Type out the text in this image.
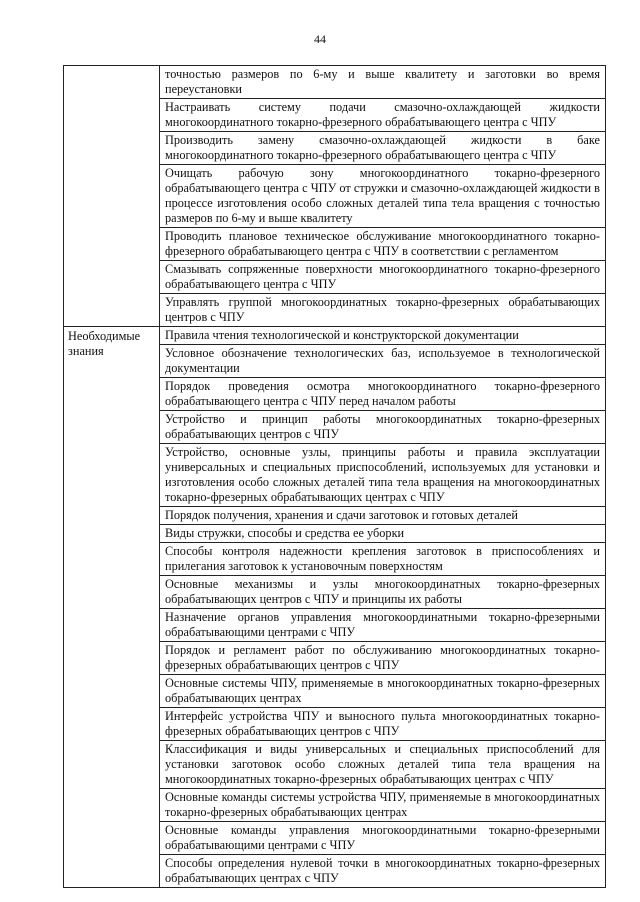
44
	точностью размеров по 6-му и выше квалитету и заготовки во время переустановки
	Настраивать систему подачи смазочно-охлаждающей жидкости многокоординатного токарно-фрезерного обрабатывающего центра с ЧПУ
	Производить замену смазочно-охлаждающей жидкости в баке многокоординатного токарно-фрезерного обрабатывающего центра с ЧПУ
	Очищать рабочую зону многокоординатного токарно-фрезерного обрабатывающего центра с ЧПУ от стружки и смазочно-охлаждающей жидкости в процессе изготовления особо сложных деталей типа тела вращения с точностью размеров по 6-му и выше квалитету
	Проводить плановое техническое обслуживание многокоординатного токарно-фрезерного обрабатывающего центра с ЧПУ в соответствии с регламентом
	Смазывать сопряженные поверхности многокоординатного токарно-фрезерного обрабатывающего центра с ЧПУ
	Управлять группой многокоординатных токарно-фрезерных обрабатывающих центров с ЧПУ
Необходимые знания	Правила чтения технологической и конструкторской документации
	Условное обозначение технологических баз, используемое в технологической документации
	Порядок проведения осмотра многокоординатного токарно-фрезерного обрабатывающего центра с ЧПУ перед началом работы
	Устройство и принцип работы многокоординатных токарно-фрезерных обрабатывающих центров с ЧПУ
	Устройство, основные узлы, принципы работы и правила эксплуатации универсальных и специальных приспособлений, используемых для установки и изготовления особо сложных деталей типа тела вращения на многокоординатных токарно-фрезерных обрабатывающих центрах с ЧПУ
	Порядок получения, хранения и сдачи заготовок и готовых деталей
	Виды стружки, способы и средства ее уборки
	Способы контроля надежности крепления заготовок в приспособлениях и прилегания заготовок к установочным поверхностям
	Основные механизмы и узлы многокоординатных токарно-фрезерных обрабатывающих центров с ЧПУ и принципы их работы
	Назначение органов управления многокоординатными токарно-фрезерными обрабатывающими центрами с ЧПУ
	Порядок и регламент работ по обслуживанию многокоординатных токарно-фрезерных обрабатывающих центров с ЧПУ
	Основные системы ЧПУ, применяемые в многокоординатных токарно-фрезерных обрабатывающих центрах
	Интерфейс устройства ЧПУ и выносного пульта многокоординатных токарно-фрезерных обрабатывающих центров с ЧПУ
	Классификация и виды универсальных и специальных приспособлений для установки заготовок особо сложных деталей типа тела вращения на многокоординатных токарно-фрезерных обрабатывающих центрах с ЧПУ
	Основные команды системы устройства ЧПУ, применяемые в многокоординатных токарно-фрезерных обрабатывающих центрах
	Основные команды управления многокоординатными токарно-фрезерными обрабатывающими центрами с ЧПУ
	Способы определения нулевой точки в многокоординатных токарно-фрезерных обрабатывающих центрах с ЧПУ
